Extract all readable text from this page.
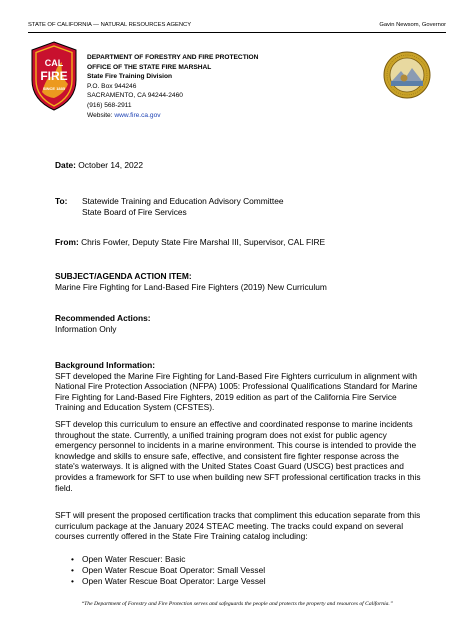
STATE OF CALIFORNIA — NATURAL RESOURCES AGENCY	Gavin Newsom, Governor
CAL
FIRE
SINCE 1885
DEPARTMENT OF FORESTRY AND FIRE PROTECTION
OFFICE OF THE STATE FIRE MARSHAL
State Fire Training Division
P.O. Box 944246
SACRAMENTO, CA 94244-2460
(916) 568-2911
Website: www.fire.ca.gov
Date: October 14, 2022
To: Statewide Training and Education Advisory Committee
State Board of Fire Services
From: Chris Fowler, Deputy State Fire Marshal III, Supervisor, CAL FIRE
SUBJECT/AGENDA ACTION ITEM:
Marine Fire Fighting for Land-Based Fire Fighters (2019) New Curriculum
Recommended Actions:
Information Only
Background Information:
SFT developed the Marine Fire Fighting for Land-Based Fire Fighters curriculum in alignment with National Fire Protection Association (NFPA) 1005: Professional Qualifications Standard for Marine Fire Fighting for Land-Based Fire Fighters, 2019 edition as part of the California Fire Service Training and Education System (CFSTES).
SFT develop this curriculum to ensure an effective and coordinated response to marine incidents throughout the state. Currently, a unified training program does not exist for public agency emergency personnel to incidents in a marine environment. This course is intended to provide the knowledge and skills to ensure safe, effective, and consistent fire fighter response across the state's waterways. It is aligned with the United States Coast Guard (USCG) best practices and provides a framework for SFT to use when building new SFT professional certification tracks in this field.
SFT will present the proposed certification tracks that compliment this education separate from this curriculum package at the January 2024 STEAC meeting. The tracks could expand on several courses currently offered in the State Fire Training catalog including:
• Open Water Rescuer: Basic
• Open Water Rescue Boat Operator: Small Vessel
• Open Water Rescue Boat Operator: Large Vessel
“The Department of Forestry and Fire Protection serves and safeguards the people and protects the property and resources of California.”
